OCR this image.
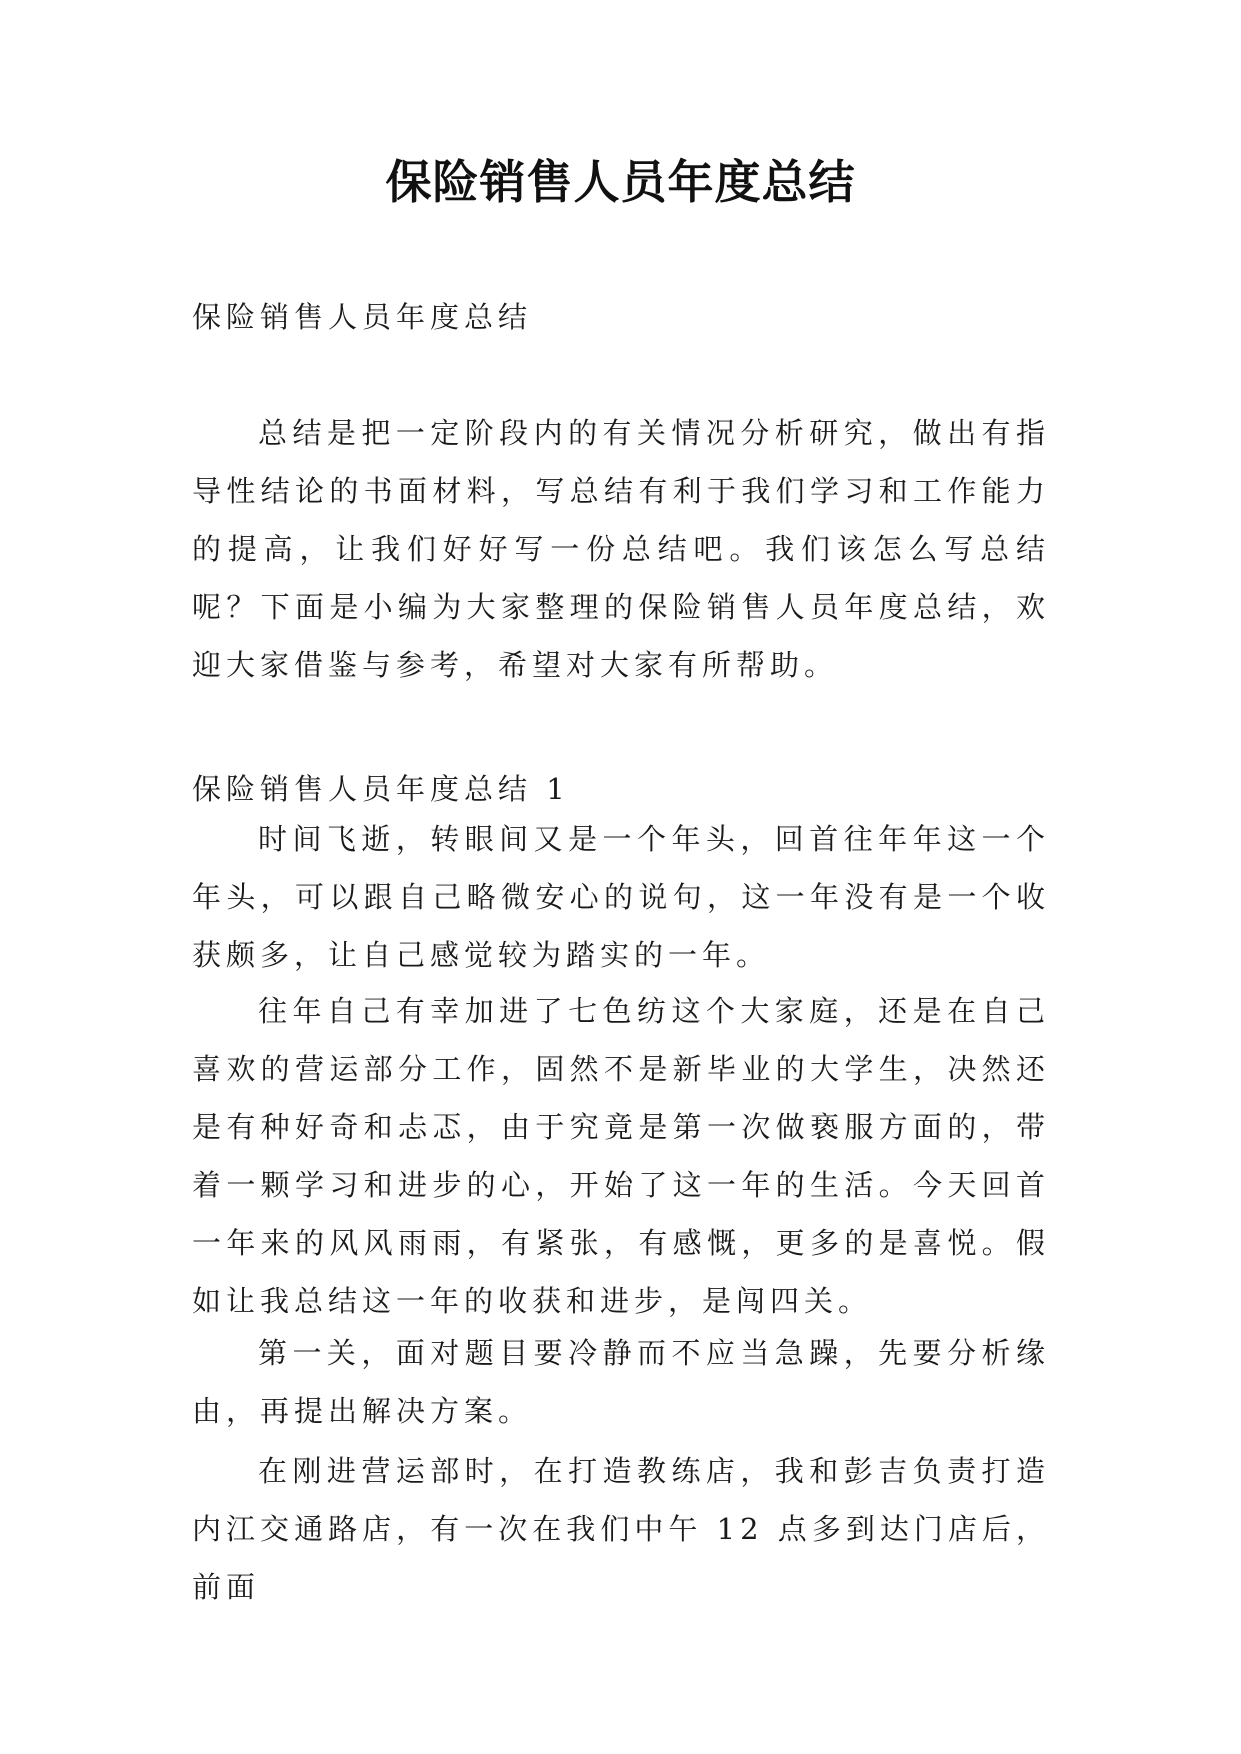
保险销售人员年度总结

保险销售人员年度总结

总结是把一定阶段内的有关情况分析研究，做出有指导性结论的书面材料，写总结有利于我们学习和工作能力的提高，让我们好好写一份总结吧。我们该怎么写总结呢？下面是小编为大家整理的保险销售人员年度总结，欢迎大家借鉴与参考，希望对大家有所帮助。

保险销售人员年度总结 1

时间飞逝，转眼间又是一个年头，回首往年年这一个年头，可以跟自己略微安心的说句，这一年没有是一个收获颇多，让自己感觉较为踏实的一年。

往年自己有幸加进了七色纺这个大家庭，还是在自己喜欢的营运部分工作，固然不是新毕业的大学生，决然还是有种好奇和忐忑，由于究竟是第一次做亵服方面的，带着一颗学习和进步的心，开始了这一年的生活。今天回首一年来的风风雨雨，有紧张，有感慨，更多的是喜悦。假如让我总结这一年的收获和进步，是闯四关。

第一关，面对题目要冷静而不应当急躁，先要分析缘由，再提出解决方案。

在刚进营运部时，在打造教练店，我和彭吉负责打造内江交通路店，有一次在我们中午 12 点多到达门店后，前面
